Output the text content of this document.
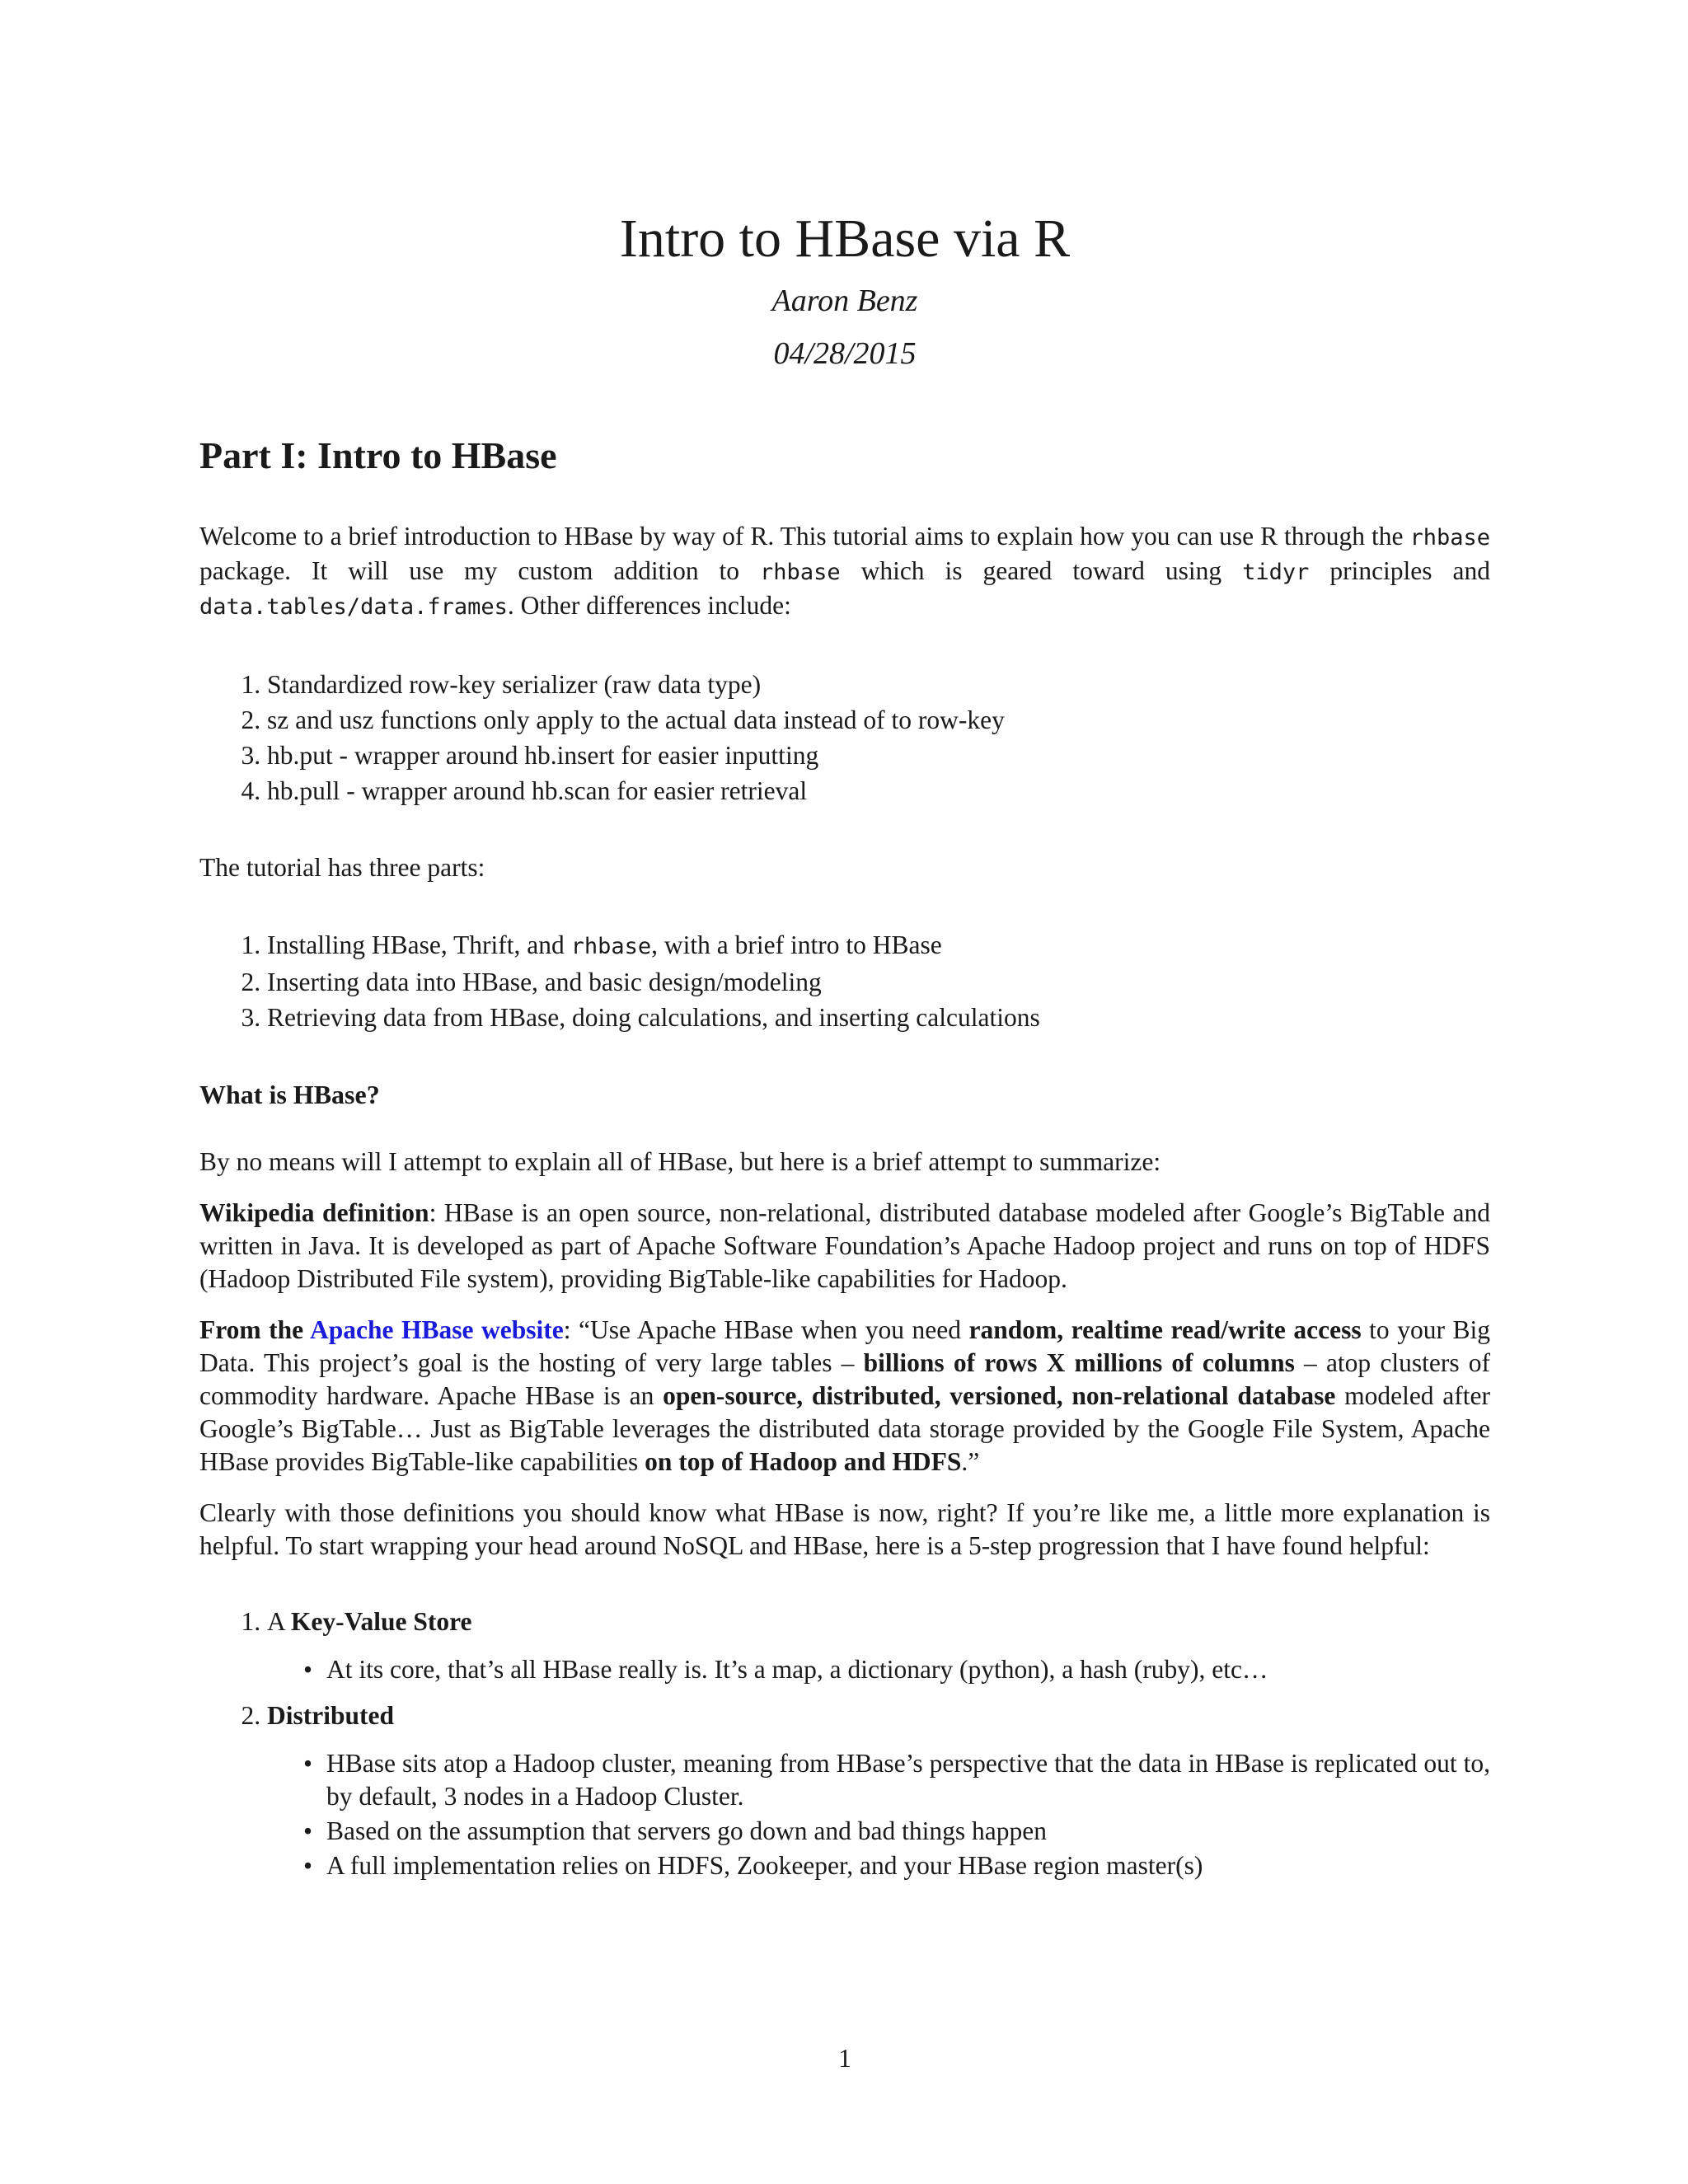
Intro to HBase via R
Aaron Benz
04/28/2015
Part I: Intro to HBase

Welcome to a brief introduction to HBase by way of R. This tutorial aims to explain how you can use R through the rhbase package. It will use my custom addition to rhbase which is geared toward using tidyr principles and data.tables/data.frames. Other differences include:

1. Standardized row-key serializer (raw data type)
2. sz and usz functions only apply to the actual data instead of to row-key
3. hb.put - wrapper around hb.insert for easier inputting
4. hb.pull - wrapper around hb.scan for easier retrieval

The tutorial has three parts:

1. Installing HBase, Thrift, and rhbase, with a brief intro to HBase
2. Inserting data into HBase, and basic design/modeling
3. Retrieving data from HBase, doing calculations, and inserting calculations
What is HBase?

By no means will I attempt to explain all of HBase, but here is a brief attempt to summarize:

Wikipedia definition: HBase is an open source, non-relational, distributed database modeled after Google’s BigTable and written in Java. It is developed as part of Apache Software Foundation’s Apache Hadoop project and runs on top of HDFS (Hadoop Distributed File system), providing BigTable-like capabilities for Hadoop.

From the Apache HBase website: “Use Apache HBase when you need random, realtime read/write access to your Big Data. This project’s goal is the hosting of very large tables – billions of rows X millions of columns – atop clusters of commodity hardware. Apache HBase is an open-source, distributed, versioned, non-relational database modeled after Google’s BigTable… Just as BigTable leverages the distributed data storage provided by the Google File System, Apache HBase provides BigTable-like capabilities on top of Hadoop and HDFS.”

Clearly with those definitions you should know what HBase is now, right? If you’re like me, a little more explanation is helpful. To start wrapping your head around NoSQL and HBase, here is a 5-step progression that I have found helpful:

1. A Key-Value Store
• At its core, that’s all HBase really is. It’s a map, a dictionary (python), a hash (ruby), etc…
2. Distributed
• HBase sits atop a Hadoop cluster, meaning from HBase’s perspective that the data in HBase is replicated out to, by default, 3 nodes in a Hadoop Cluster.
• Based on the assumption that servers go down and bad things happen
• A full implementation relies on HDFS, Zookeeper, and your HBase region master(s)
1
